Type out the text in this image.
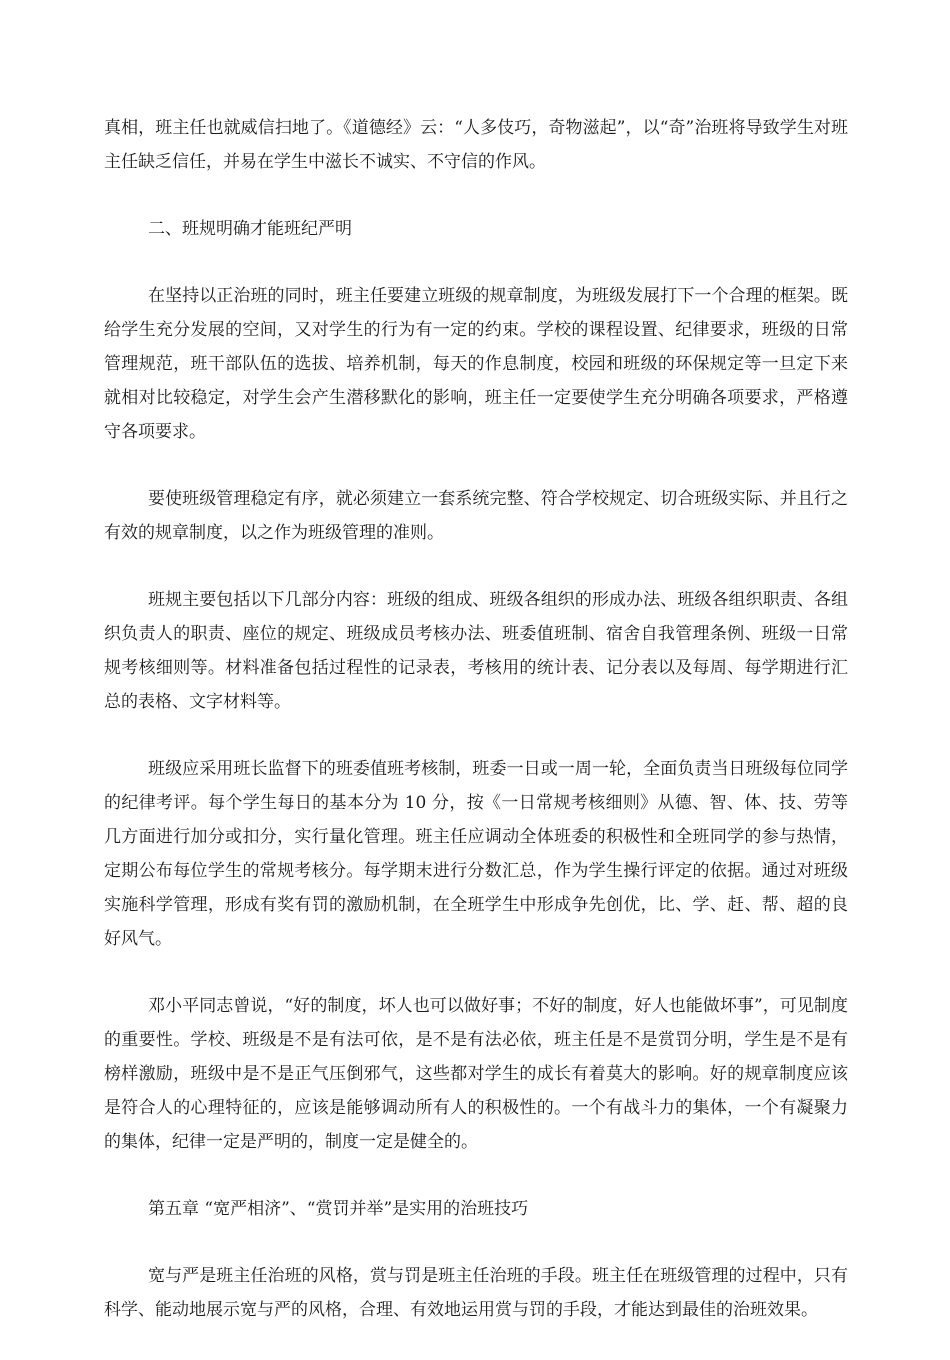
真相，班主任也就威信扫地了。《道德经》云：“人多伎巧，奇物滋起”，以“奇”治班将导致学生对班主任缺乏信任，并易在学生中滋长不诚实、不守信的作风。

二、班规明确才能班纪严明

在坚持以正治班的同时，班主任要建立班级的规章制度，为班级发展打下一个合理的框架。既给学生充分发展的空间，又对学生的行为有一定的约束。学校的课程设置、纪律要求，班级的日常管理规范，班干部队伍的选拔、培养机制，每天的作息制度，校园和班级的环保规定等一旦定下来就相对比较稳定，对学生会产生潜移默化的影响，班主任一定要使学生充分明确各项要求，严格遵守各项要求。

要使班级管理稳定有序，就必须建立一套系统完整、符合学校规定、切合班级实际、并且行之有效的规章制度，以之作为班级管理的准则。

班规主要包括以下几部分内容：班级的组成、班级各组织的形成办法、班级各组织职责、各组织负责人的职责、座位的规定、班级成员考核办法、班委值班制、宿舍自我管理条例、班级一日常规考核细则等。材料准备包括过程性的记录表，考核用的统计表、记分表以及每周、每学期进行汇总的表格、文字材料等。

班级应采用班长监督下的班委值班考核制，班委一日或一周一轮，全面负责当日班级每位同学的纪律考评。每个学生每日的基本分为 10 分，按《一日常规考核细则》从德、智、体、技、劳等几方面进行加分或扣分，实行量化管理。班主任应调动全体班委的积极性和全班同学的参与热情，定期公布每位学生的常规考核分。每学期末进行分数汇总，作为学生操行评定的依据。通过对班级实施科学管理，形成有奖有罚的激励机制，在全班学生中形成争先创优，比、学、赶、帮、超的良好风气。

邓小平同志曾说，“好的制度，坏人也可以做好事；不好的制度，好人也能做坏事”，可见制度的重要性。学校、班级是不是有法可依，是不是有法必依，班主任是不是赏罚分明，学生是不是有榜样激励，班级中是不是正气压倒邪气，这些都对学生的成长有着莫大的影响。好的规章制度应该是符合人的心理特征的，应该是能够调动所有人的积极性的。一个有战斗力的集体，一个有凝聚力的集体，纪律一定是严明的，制度一定是健全的。

第五章 “宽严相济”、“赏罚并举”是实用的治班技巧

宽与严是班主任治班的风格，赏与罚是班主任治班的手段。班主任在班级管理的过程中，只有科学、能动地展示宽与严的风格，合理、有效地运用赏与罚的手段，才能达到最佳的治班效果。
